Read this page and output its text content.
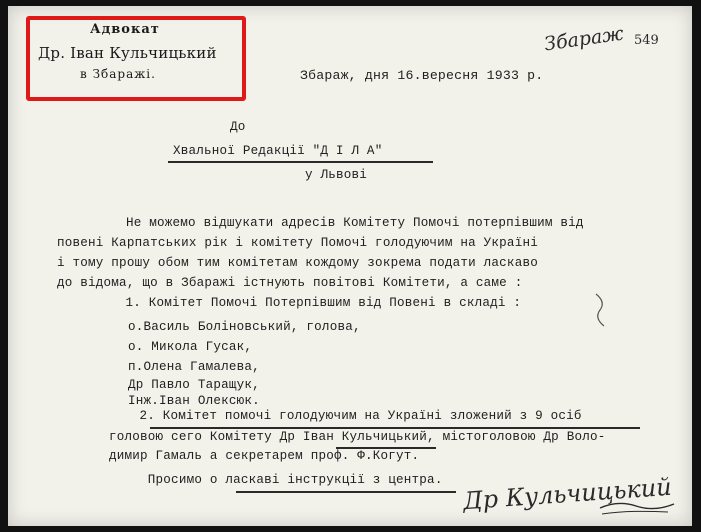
Адвокат
Др. Іван Кульчицький
в Збаражі.
Збараж 549
Збараж, дня 16.вересня 1933 р.
До
Хвальної Редакції "Д І Л А"
у Львові
Не можемо відшукати адресів Комітету Помочі потерпівшим від
повені Карпатських рік і комітету Помочі голодуючим на Україні
і тому прошу обом тим комітетам кождому зокрема подати ласкаво
до відома, що в Збаражі істнують повітові Комітети, а саме :
1. Комітет Помочі Потерпівшим від Повені в складі :
о.Василь Боліновський, голова,
о. Микола Гусак,
п.Олена Гамалева,
Др Павло Таращук,
Інж.Іван Олексюк.
2. Комітет помочі голодуючим на Україні зложений з 9 осіб
головою сего Комітету Др Іван Кульчицький, містоголовою Др Воло-
димир Гамаль а секретарем проф. Ф.Когут.
Просимо о ласкаві інструкції з центра. Др Кульчицький
